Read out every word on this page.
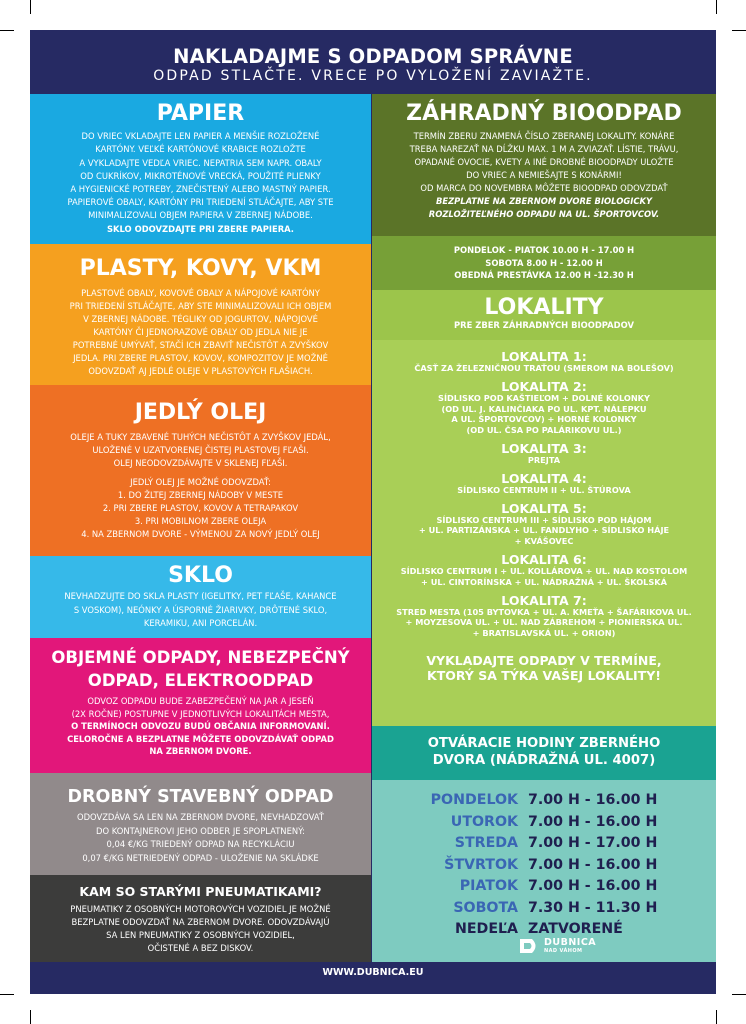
NAKLADAJME S ODPADOM SPRÁVNE
ODPAD STLAČTE. VRECE PO VYLOŽENÍ ZAVIAŽTE.
PAPIER
DO VRIEC VKLADAJTE LEN PAPIER A MENŠIE ROZLOŽENÉ
KARTÓNY. VEĽKÉ KARTÓNOVÉ KRABICE ROZLOŽTE
A VYKLADAJTE VEDĽA VRIEC. NEPATRIA SEM NAPR. OBALY
OD CUKRÍKOV, MIKROTÉNOVÉ VRECKÁ, POUŽITÉ PLIENKY
A HYGIENICKÉ POTREBY, ZNEČISTENÝ ALEBO MASTNÝ PAPIER.
PAPIEROVÉ OBALY, KARTÓNY PRI TRIEDENÍ STLÁČAJTE, ABY STE
MINIMALIZOVALI OBJEM PAPIERA V ZBERNEJ NÁDOBE.
SKLO ODOVZDAJTE PRI ZBERE PAPIERA.
PLASTY, KOVY, VKM
PLASTOVÉ OBALY, KOVOVÉ OBALY A NÁPOJOVÉ KARTÓNY
PRI TRIEDENÍ STLÁČAJTE, ABY STE MINIMALIZOVALI ICH OBJEM
V ZBERNEJ NÁDOBE. TÉGLIKY OD JOGURTOV, NÁPOJOVÉ
KARTÓNY ČI JEDNORAZOVÉ OBALY OD JEDLA NIE JE
POTREBNÉ UMÝVAŤ, STAČÍ ICH ZBAVIŤ NEČISTÔT A ZVYŠKOV
JEDLA. PRI ZBERE PLASTOV, KOVOV, KOMPOZITOV JE MOŽNÉ
ODOVZDAŤ AJ JEDLÉ OLEJE V PLASTOVÝCH FLAŠIACH.
JEDLÝ OLEJ
OLEJE A TUKY ZBAVENÉ TUHÝCH NEČISTÔT A ZVYŠKOV JEDÁL,
ULOŽENÉ V UZATVORENEJ ČISTEJ PLASTOVEJ FĽAŠI.
OLEJ NEODOVZDÁVAJTE V SKLENEJ FĽAŠI.
JEDLÝ OLEJ JE MOŽNÉ ODOVZDAŤ:
1. DO ŽLTEJ ZBERNEJ NÁDOBY V MESTE
2. PRI ZBERE PLASTOV, KOVOV A TETRAPAKOV
3. PRI MOBILNOM ZBERE OLEJA
4. NA ZBERNOM DVORE - VÝMENOU ZA NOVÝ JEDLÝ OLEJ
SKLO
NEVHADZUJTE DO SKLA PLASTY (IGELITKY, PET FĽAŠE, KAHANCE
S VOSKOM), NEÓNKY A ÚSPORNÉ ŽIARIVKY, DRÔTENÉ SKLO,
KERAMIKU, ANI PORCELÁN.
OBJEMNÉ ODPADY, NEBEZPEČNÝ
ODPAD, ELEKTROODPAD
ODVOZ ODPADU BUDE ZABEZPEČENÝ NA JAR A JESEŇ
(2X ROČNE) POSTUPNE V JEDNOTLIVÝCH LOKALITÁCH MESTA,
O TERMÍNOCH ODVOZU BUDÚ OBČANIA INFORMOVANÍ.
CELOROČNE A BEZPLATNE MÔŽETE ODOVZDÁVAŤ ODPAD
NA ZBERNOM DVORE.
DROBNÝ STAVEBNÝ ODPAD
ODOVZDÁVA SA LEN NA ZBERNOM DVORE, NEVHADZOVAŤ
DO KONTAJNEROVI JEHO ODBER JE SPOPLATNENÝ:
0,04 €/KG TRIEDENÝ ODPAD NA RECYKLÁCIU
0,07 €/KG NETRIEDENÝ ODPAD - ULOŽENIE NA SKLÁDKE
KAM SO STARÝMI PNEUMATIKAMI?
PNEUMATIKY Z OSOBNÝCH MOTOROVÝCH VOZIDIEL JE MOŽNÉ
BEZPLATNE ODOVZDAŤ NA ZBERNOM DVORE. ODOVZDÁVAJÚ
SA LEN PNEUMATIKY Z OSOBNÝCH VOZIDIEL,
OČISTENÉ A BEZ DISKOV.
ZÁHRADNÝ BIOODPAD
TERMÍN ZBERU ZNAMENÁ ČÍSLO ZBERANEJ LOKALITY. KONÁRE
TREBA NAREZAŤ NA DĹŽKU MAX. 1 M A ZVIAZAŤ. LÍSTIE, TRÁVU,
OPADANÉ OVOCIE, KVETY A INÉ DROBNÉ BIOODPADY ULOŽTE
DO VRIEC A NEMIEŠAJTE S KONÁRMI!
OD MARCA DO NOVEMBRA MÔŽETE BIOODPAD ODOVZDAŤ
BEZPLATNE NA ZBERNOM DVORE BIOLOGICKY
ROZLOŽITEĽNÉHO ODPADU NA UL. ŠPORTOVCOV.
PONDELOK - PIATOK 10.00 H - 17.00 H
SOBOTA 8.00 H - 12.00 H
OBEDNÁ PRESTÁVKA 12.00 H -12.30 H
LOKALITY
PRE ZBER ZÁHRADNÝCH BIOODPADOV
LOKALITA 1:
ČASŤ ZA ŽELEZNIČNOU TRAŤOU (SMEROM NA BOLEŠOV)
LOKALITA 2:
SÍDLISKO POD KAŠTIEĽOM + DOLNÉ KOLONKY
(OD UL. J. KALINČIAKA PO UL. KPT. NÁLEPKU
A UL. ŠPORTOVCOV) + HORNÉ KOLONKY
(OD UL. ČSA PO PALÁRIKOVU UL.)
LOKALITA 3:
PREJTA
LOKALITA 4:
SÍDLISKO CENTRUM II + UL. ŠTÚROVA
LOKALITA 5:
SÍDLISKO CENTRUM III + SÍDLISKO POD HÁJOM
+ UL. PARTIZÁNSKA + UL. FANDLYHO + SÍDLISKO HÁJE
+ KVÁŠOVEC
LOKALITA 6:
SÍDLISKO CENTRUM I + UL. KOLLÁROVA + UL. NAD KOSTOLOM
+ UL. CINTORÍNSKA + UL. NÁDRAŽNÁ + UL. ŠKOLSKÁ
LOKALITA 7:
STRED MESTA (105 BYTOVKA + UL. A. KMEŤA + ŠAFÁRIKOVA UL.
+ MOYZESOVA UL. + UL. NAD ZÁBREHOM + PIONIERSKA UL.
+ BRATISLAVSKÁ UL. + ORION)
VYKLADAJTE ODPADY V TERMÍNE,
KTORÝ SA TÝKA VAŠEJ LOKALITY!
OTVÁRACIE HODINY ZBERNÉHO
DVORA (NÁDRAŽNÁ UL. 4007)
PONDELOK	7.00 H - 16.00 H
UTOROK	7.00 H - 16.00 H
STREDA	7.00 H - 17.00 H
ŠTVRTOK	7.00 H - 16.00 H
PIATOK	7.00 H - 16.00 H
SOBOTA	7.30 H - 11.30 H
NEDEĽA	ZATVORENÉ
DUBNICA
NAD VÁHOM
WWW.DUBNICA.EU
